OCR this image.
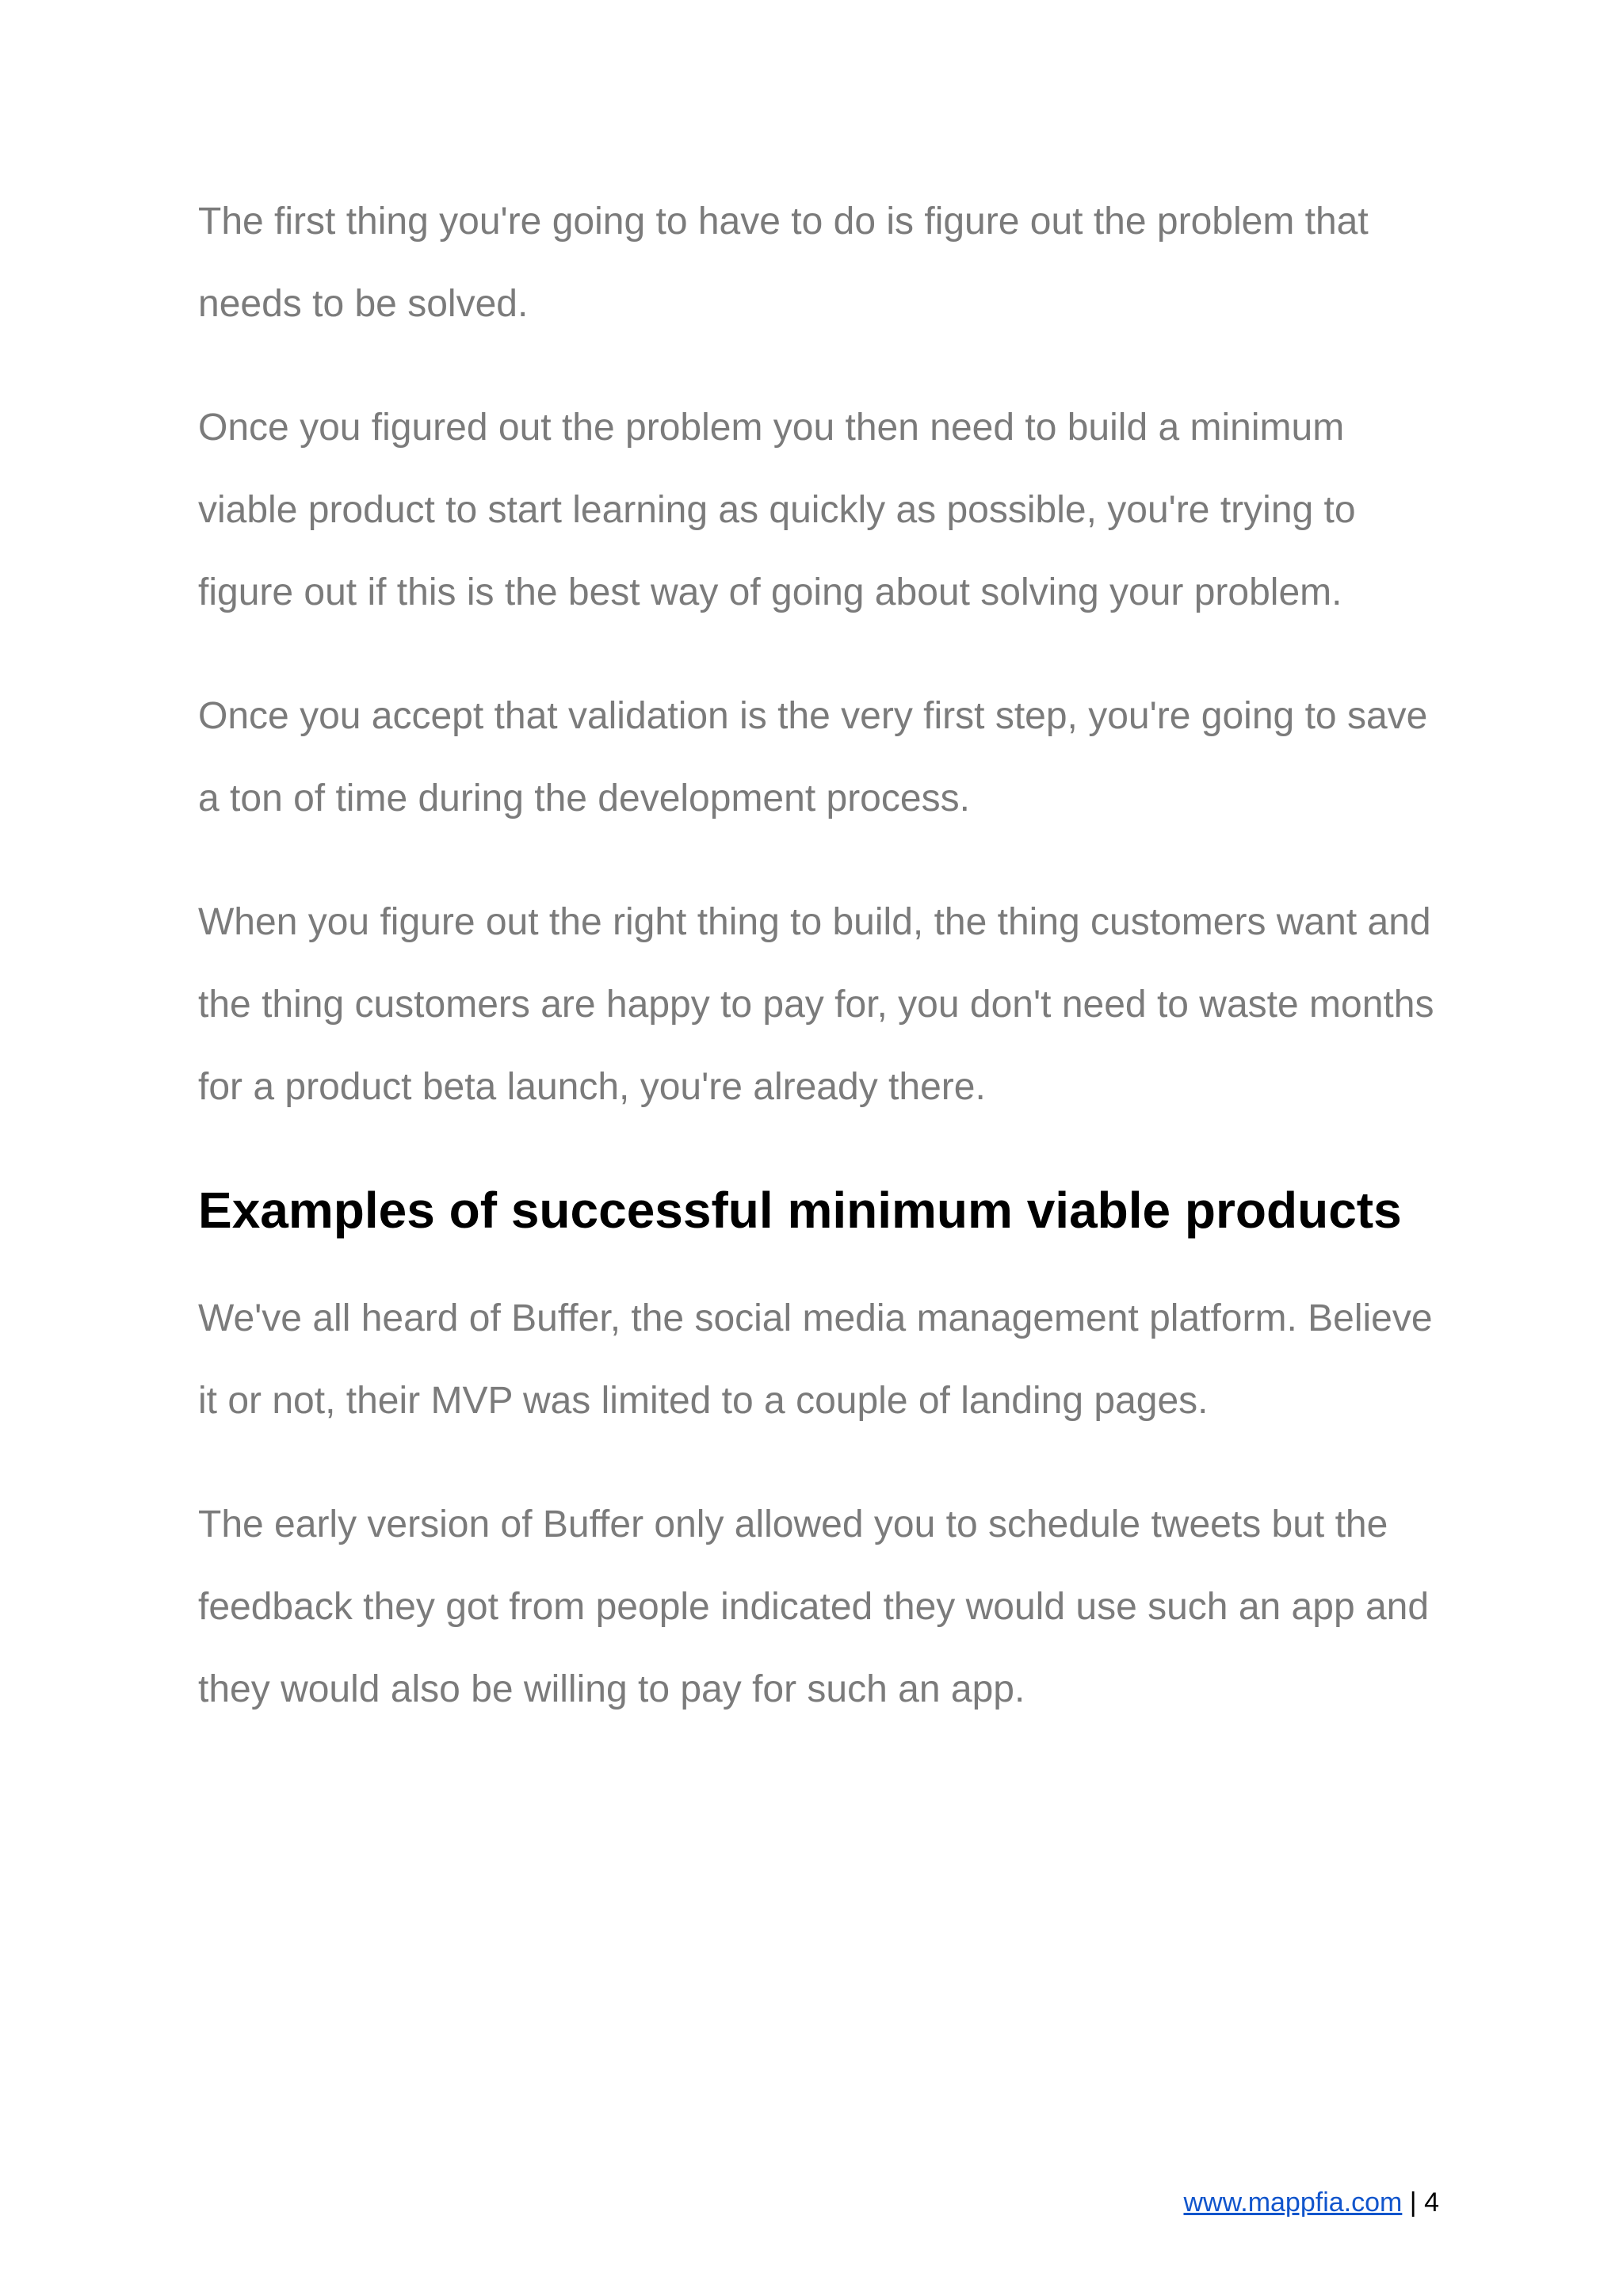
The first thing you're going to have to do is figure out the problem that needs to be solved.

Once you figured out the problem you then need to build a minimum viable product to start learning as quickly as possible, you're trying to figure out if this is the best way of going about solving your problem.

Once you accept that validation is the very first step, you're going to save a ton of time during the development process.

When you figure out the right thing to build, the thing customers want and the thing customers are happy to pay for, you don't need to waste months for a product beta launch, you're already there.

Examples of successful minimum viable products

We've all heard of Buffer, the social media management platform. Believe it or not, their MVP was limited to a couple of landing pages.

The early version of Buffer only allowed you to schedule tweets but the feedback they got from people indicated they would use such an app and they would also be willing to pay for such an app.

www.mappfia.com | 4
